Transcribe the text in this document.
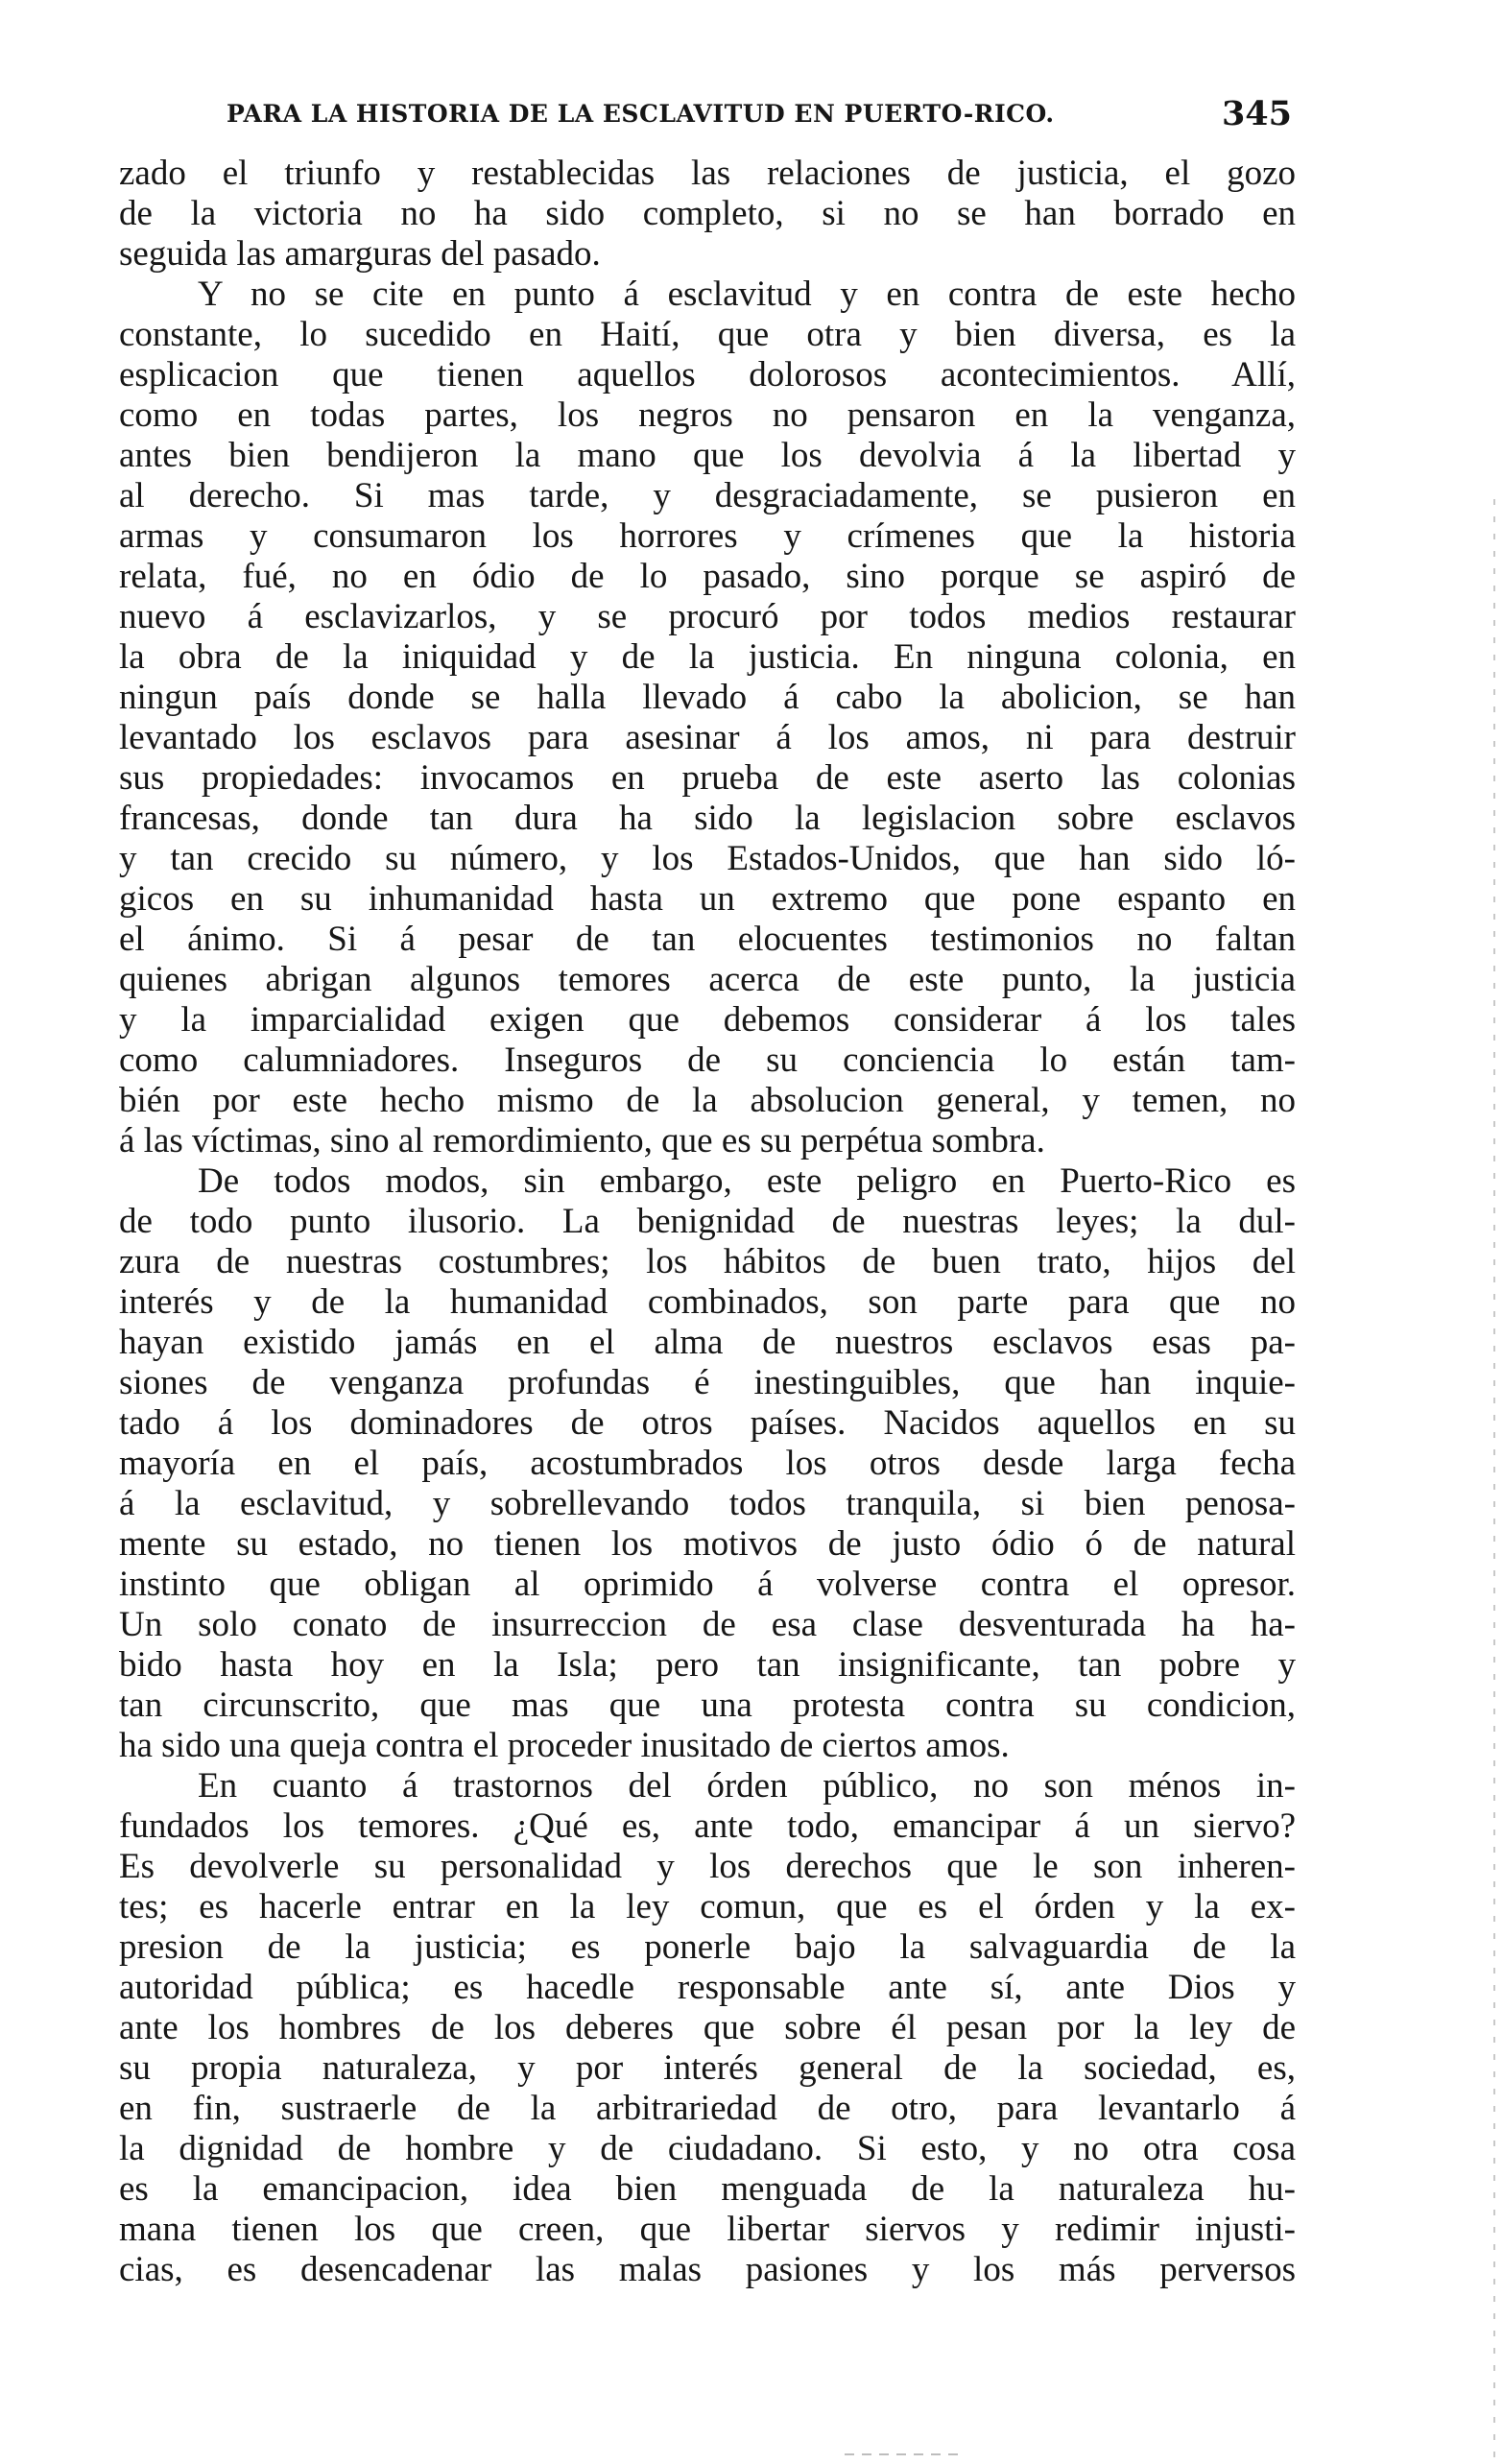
PARA LA HISTORIA DE LA ESCLAVITUD EN PUERTO-RICO.	345
zado el triunfo y restablecidas las relaciones de justicia, el gozo
de la victoria no ha sido completo, si no se han borrado en
seguida las amarguras del pasado.
Y no se cite en punto á esclavitud y en contra de este hecho
constante, lo sucedido en Haití, que otra y bien diversa, es la
esplicacion que tienen aquellos dolorosos acontecimientos. Allí,
como en todas partes, los negros no pensaron en la venganza,
antes bien bendijeron la mano que los devolvia á la libertad y
al derecho. Si mas tarde, y desgraciadamente, se pusieron en
armas y consumaron los horrores y crímenes que la historia
relata, fué, no en ódio de lo pasado, sino porque se aspiró de
nuevo á esclavizarlos, y se procuró por todos medios restaurar
la obra de la iniquidad y de la justicia. En ninguna colonia, en
ningun país donde se halla llevado á cabo la abolicion, se han
levantado los esclavos para asesinar á los amos, ni para destruir
sus propiedades: invocamos en prueba de este aserto las colonias
francesas, donde tan dura ha sido la legislacion sobre esclavos
y tan crecido su número, y los Estados-Unidos, que han sido ló-
gicos en su inhumanidad hasta un extremo que pone espanto en
el ánimo. Si á pesar de tan elocuentes testimonios no faltan
quienes abrigan algunos temores acerca de este punto, la justicia
y la imparcialidad exigen que debemos considerar á los tales
como calumniadores. Inseguros de su conciencia lo están tam-
bién por este hecho mismo de la absolucion general, y temen, no
á las víctimas, sino al remordimiento, que es su perpétua sombra.
De todos modos, sin embargo, este peligro en Puerto-Rico es
de todo punto ilusorio. La benignidad de nuestras leyes; la dul-
zura de nuestras costumbres; los hábitos de buen trato, hijos del
interés y de la humanidad combinados, son parte para que no
hayan existido jamás en el alma de nuestros esclavos esas pa-
siones de venganza profundas é inestinguibles, que han inquie-
tado á los dominadores de otros países. Nacidos aquellos en su
mayoría en el país, acostumbrados los otros desde larga fecha
á la esclavitud, y sobrellevando todos tranquila, si bien penosa-
mente su estado, no tienen los motivos de justo ódio ó de natural
instinto que obligan al oprimido á volverse contra el opresor.
Un solo conato de insurreccion de esa clase desventurada ha ha-
bido hasta hoy en la Isla; pero tan insignificante, tan pobre y
tan circunscrito, que mas que una protesta contra su condicion,
ha sido una queja contra el proceder inusitado de ciertos amos.
En cuanto á trastornos del órden público, no son ménos in-
fundados los temores. ¿Qué es, ante todo, emancipar á un siervo?
Es devolverle su personalidad y los derechos que le son inheren-
tes; es hacerle entrar en la ley comun, que es el órden y la ex-
presion de la justicia; es ponerle bajo la salvaguardia de la
autoridad pública; es hacedle responsable ante sí, ante Dios y
ante los hombres de los deberes que sobre él pesan por la ley de
su propia naturaleza, y por interés general de la sociedad, es,
en fin, sustraerle de la arbitrariedad de otro, para levantarlo á
la dignidad de hombre y de ciudadano. Si esto, y no otra cosa
es la emancipacion, idea bien menguada de la naturaleza hu-
mana tienen los que creen, que libertar siervos y redimir injusti-
cias, es desencadenar las malas pasiones y los más perversos
